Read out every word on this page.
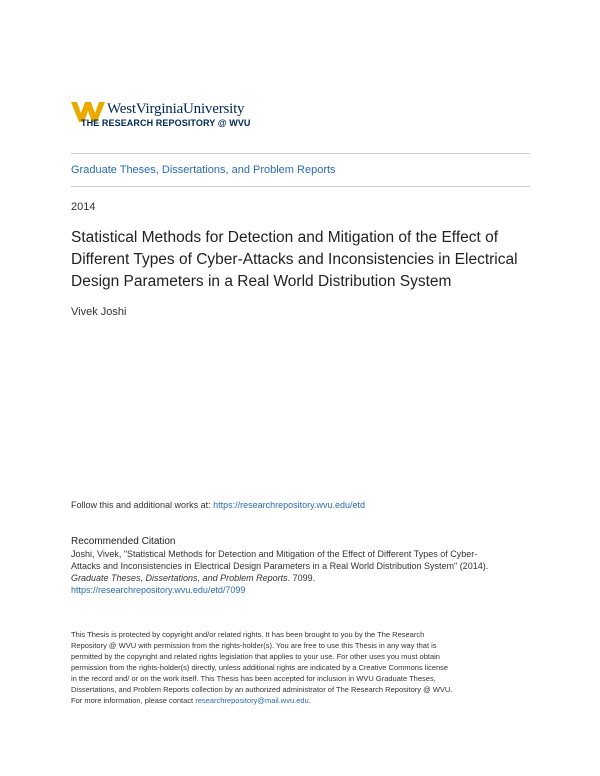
WestVirginiaUniversity
THE RESEARCH REPOSITORY @ WVU
Graduate Theses, Dissertations, and Problem Reports
2014
Statistical Methods for Detection and Mitigation of the Effect of
Different Types of Cyber-Attacks and Inconsistencies in Electrical
Design Parameters in a Real World Distribution System
Vivek Joshi
Follow this and additional works at: https://researchrepository.wvu.edu/etd
Recommended Citation
Joshi, Vivek, "Statistical Methods for Detection and Mitigation of the Effect of Different Types of Cyber-
Attacks and Inconsistencies in Electrical Design Parameters in a Real World Distribution System" (2014).
Graduate Theses, Dissertations, and Problem Reports. 7099.
https://researchrepository.wvu.edu/etd/7099
This Thesis is protected by copyright and/or related rights. It has been brought to you by the The Research
Repository @ WVU with permission from the rights-holder(s). You are free to use this Thesis in any way that is
permitted by the copyright and related rights legislation that applies to your use. For other uses you must obtain
permission from the rights-holder(s) directly, unless additional rights are indicated by a Creative Commons license
in the record and/ or on the work itself. This Thesis has been accepted for inclusion in WVU Graduate Theses,
Dissertations, and Problem Reports collection by an authorized administrator of The Research Repository @ WVU.
For more information, please contact researchrepository@mail.wvu.edu.
